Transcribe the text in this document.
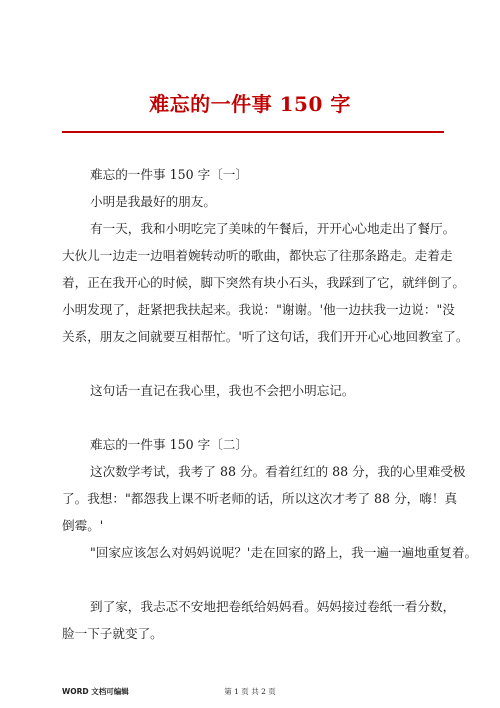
难忘的一件事 150 字
难忘的一件事 150 字〔一〕
小明是我最好的朋友。
有一天，我和小明吃完了美味的午餐后，开开心心地走出了餐厅。
大伙儿一边走一边唱着婉转动听的歌曲，都快忘了往那条路走。走着走
着，正在我开心的时候，脚下突然有块小石头，我踩到了它，就绊倒了。
小明发现了，赶紧把我扶起来。我说："谢谢。'他一边扶我一边说："没
关系，朋友之间就要互相帮忙。'听了这句话，我们开开心心地回教室了。
这句话一直记在我心里，我也不会把小明忘记。
难忘的一件事 150 字〔二〕
这次数学考试，我考了 88 分。看着红红的 88 分，我的心里难受极
了。我想："都怨我上课不听老师的话，所以这次才考了 88 分，嗨！真
倒霉。'
"回家应该怎么对妈妈说呢？'走在回家的路上，我一遍一遍地重复着。
到了家，我忐忑不安地把卷纸给妈妈看。妈妈接过卷纸一看分数，
脸一下子就变了。
WORD 文档可编辑	第 1 页 共 2 页
